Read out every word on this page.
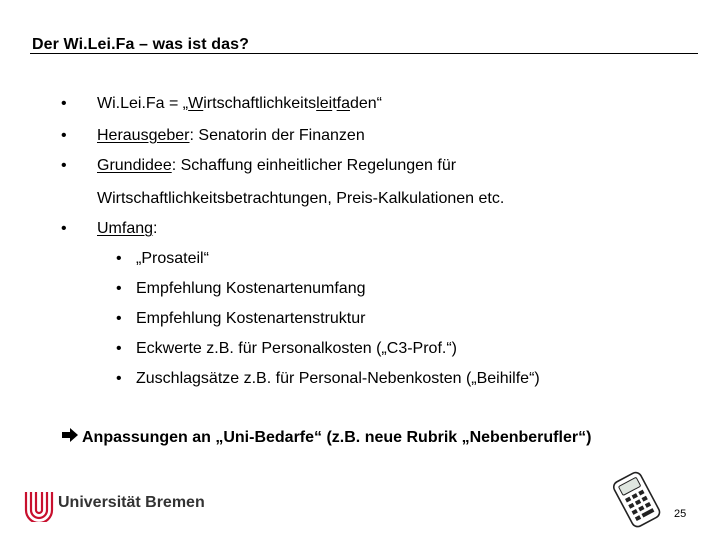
Der Wi.Lei.Fa – was ist das?
• Wi.Lei.Fa = „Wirtschaftlichkeitsleitfaden“
• Herausgeber: Senatorin der Finanzen
• Grundidee: Schaffung einheitlicher Regelungen für
Wirtschaftlichkeitsbetrachtungen, Preis-Kalkulationen etc.
• Umfang:
• „Prosateil“
• Empfehlung Kostenartenumfang
• Empfehlung Kostenartenstruktur
• Eckwerte z.B. für Personalkosten („C3-Prof.“)
• Zuschlagsätze z.B. für Personal-Nebenkosten („Beihilfe“)
Anpassungen an „Uni-Bedarfe“ (z.B. neue Rubrik „Nebenberufler“)
Universität Bremen
25
